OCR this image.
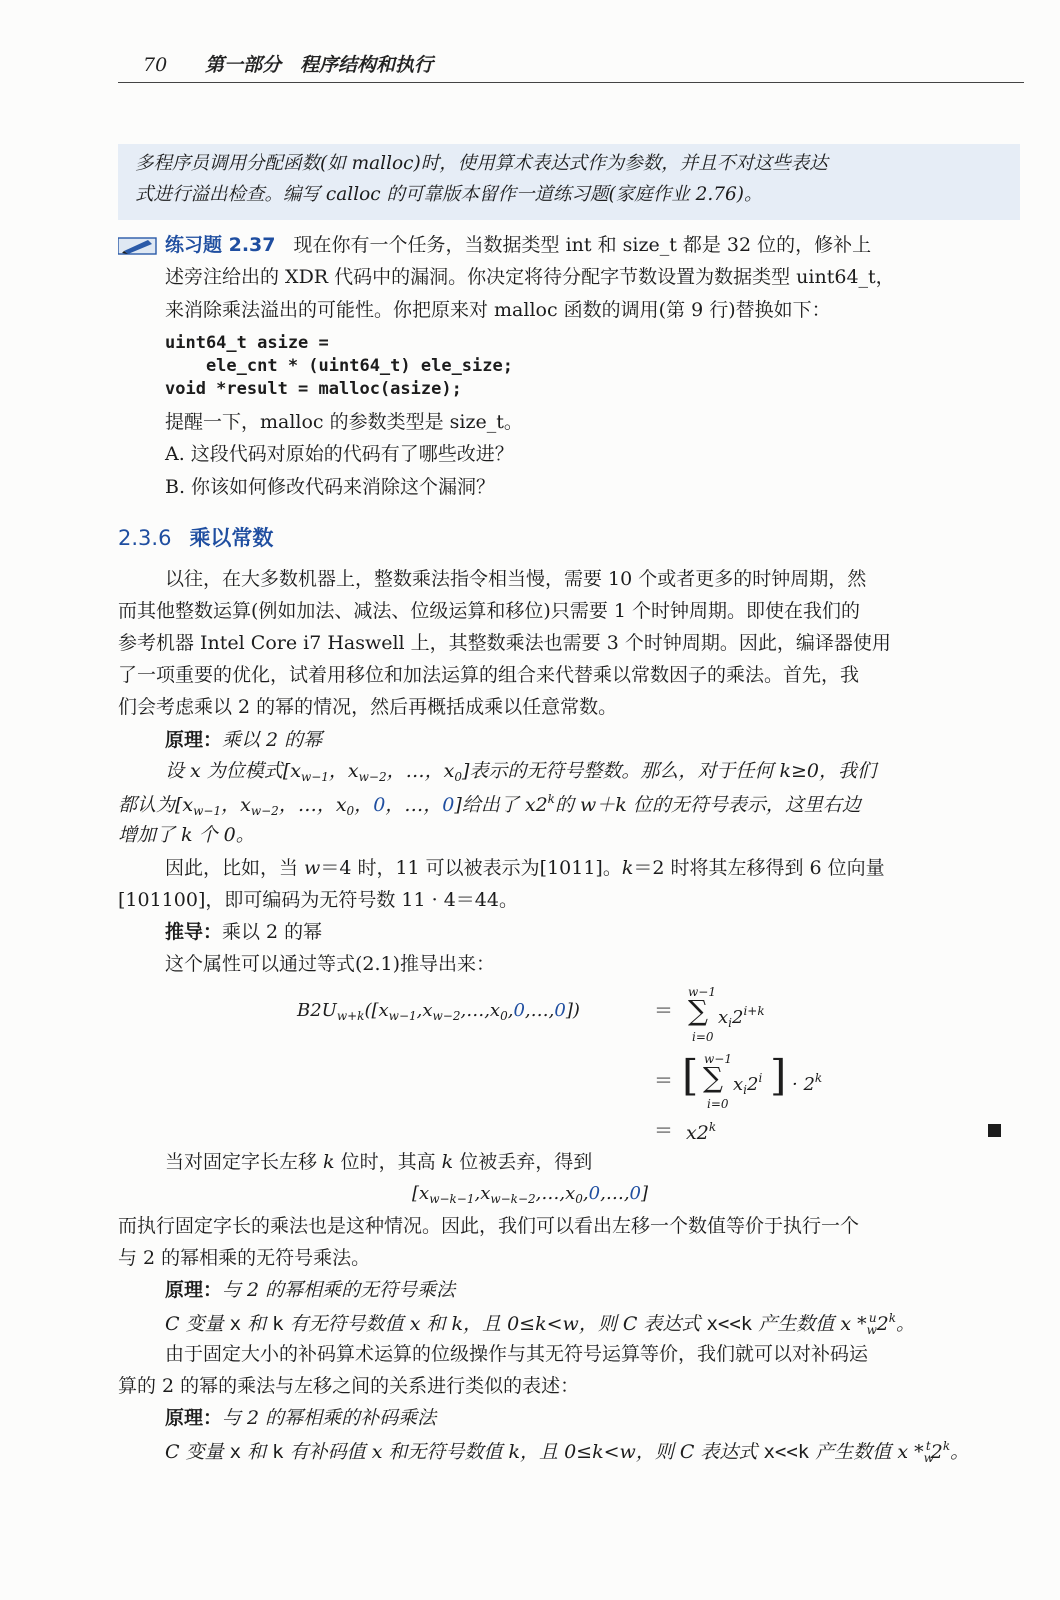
70 第一部分　程序结构和执行
多程序员调用分配函数(如 malloc)时，使用算术表达式作为参数，并且不对这些表达
式进行溢出检查。编写 calloc 的可靠版本留作一道练习题(家庭作业 2.76)。
练习题 2.37 现在你有一个任务，当数据类型 int 和 size_t 都是 32 位的，修补上
述旁注给出的 XDR 代码中的漏洞。你决定将待分配字节数设置为数据类型 uint64_t，
来消除乘法溢出的可能性。你把原来对 malloc 函数的调用(第 9 行)替换如下：
uint64_t asize =
ele_cnt * (uint64_t) ele_size;
void *result = malloc(asize);
提醒一下，malloc 的参数类型是 size_t。
A. 这段代码对原始的代码有了哪些改进？
B. 你该如何修改代码来消除这个漏洞？
2.3.6 乘以常数
以往，在大多数机器上，整数乘法指令相当慢，需要 10 个或者更多的时钟周期，然
而其他整数运算(例如加法、减法、位级运算和移位)只需要 1 个时钟周期。即使在我们的
参考机器 Intel Core i7 Haswell 上，其整数乘法也需要 3 个时钟周期。因此，编译器使用
了一项重要的优化，试着用移位和加法运算的组合来代替乘以常数因子的乘法。首先，我
们会考虑乘以 2 的幂的情况，然后再概括成乘以任意常数。
原理：乘以 2 的幂
设 x 为位模式[$x_{w-1}$，$x_{w-2}$，…，$x_0$]表示的无符号整数。那么，对于任何 k≥0，我们
都认为[$x_{w-1}$，$x_{w-2}$，…，$x_0$，0，…，0]给出了 x2$^k$的 w＋k 位的无符号表示，这里右边
增加了 k 个 0。
因此，比如，当 w＝4 时，11 可以被表示为[1011]。k＝2 时将其左移得到 6 位向量
[101100]，即可编码为无符号数 11 · 4＝44。
推导：乘以 2 的幂
这个属性可以通过等式(2.1)推导出来：
$B2U_{w+k}([x_{w-1},x_{w-2},\dots,x_0,0,\dots,0])$	＝
w−1
∑
i=0
$x_i2^{i+k}$
＝ [ w−1
∑
i=0
$x_i2^i$ ] · $2^k$
＝ $x2^k$
当对固定字长左移 k 位时，其高 k 位被丢弃，得到
$[x_{w-k-1},x_{w-k-2},\dots,x_0,0,\dots,0]$
而执行固定字长的乘法也是这种情况。因此，我们可以看出左移一个数值等价于执行一个
与 2 的幂相乘的无符号乘法。
原理：与 2 的幂相乘的无符号乘法
C 变量 x 和 k 有无符号数值 x 和 k，且 0≤k<w，则 C 表达式 x<<k 产生数值 x $*_w^u2^k$。
由于固定大小的补码算术运算的位级操作与其无符号运算等价，我们就可以对补码运
算的 2 的幂的乘法与左移之间的关系进行类似的表述：
原理：与 2 的幂相乘的补码乘法
C 变量 x 和 k 有补码值 x 和无符号数值 k，且 0≤k<w，则 C 表达式 x<<k 产生数值 x $*_w^t2^k$。
